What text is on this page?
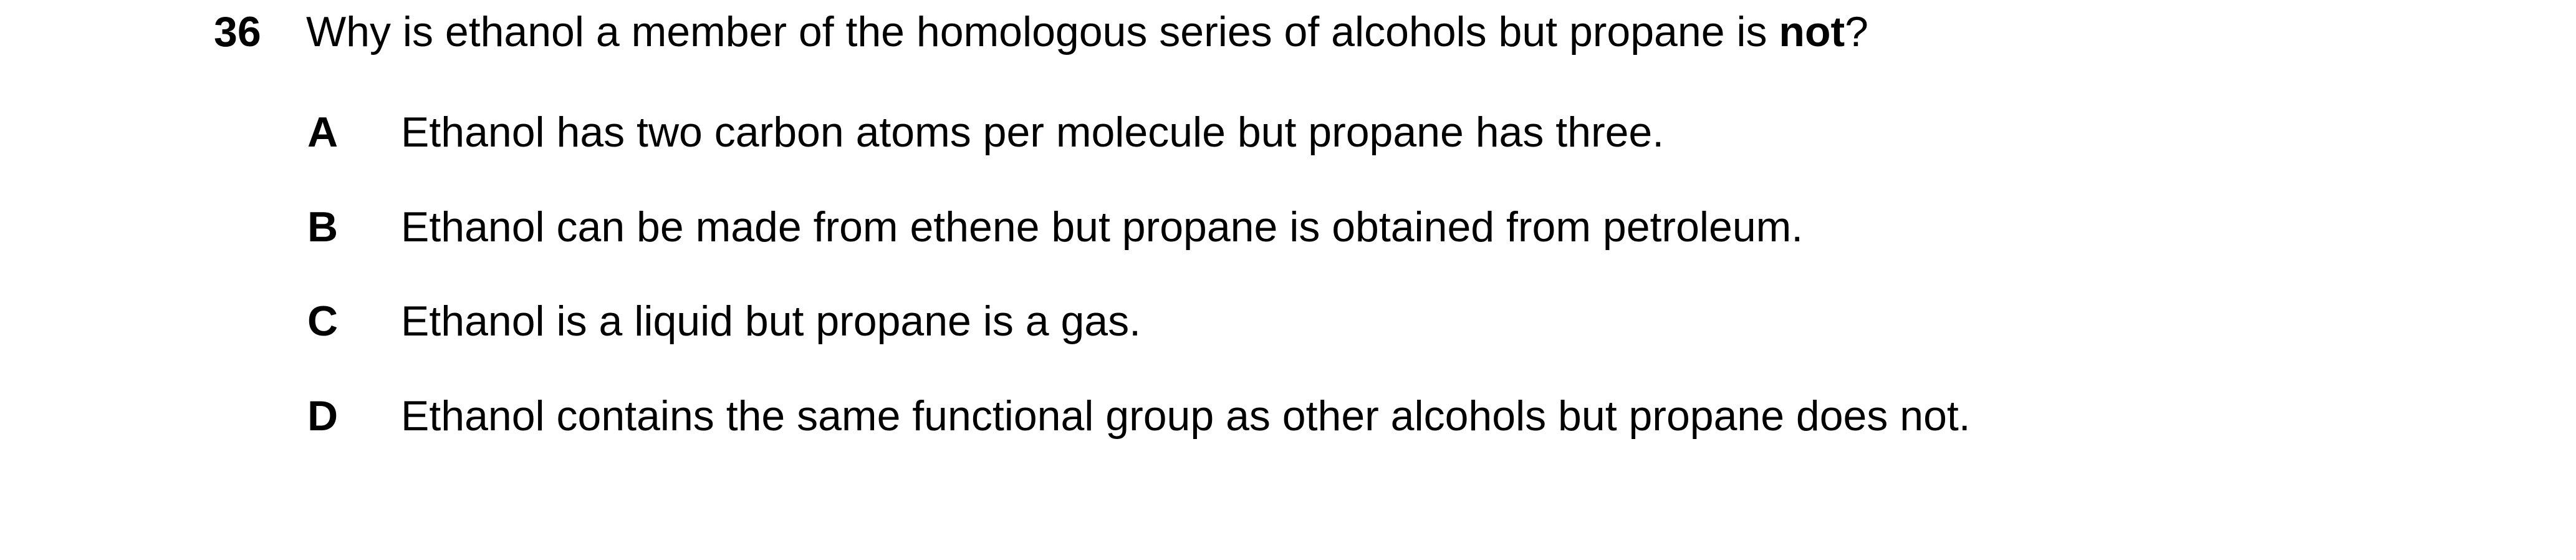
36 Why is ethanol a member of the homologous series of alcohols but propane is not?
A Ethanol has two carbon atoms per molecule but propane has three.
B Ethanol can be made from ethene but propane is obtained from petroleum.
C Ethanol is a liquid but propane is a gas.
D Ethanol contains the same functional group as other alcohols but propane does not.
